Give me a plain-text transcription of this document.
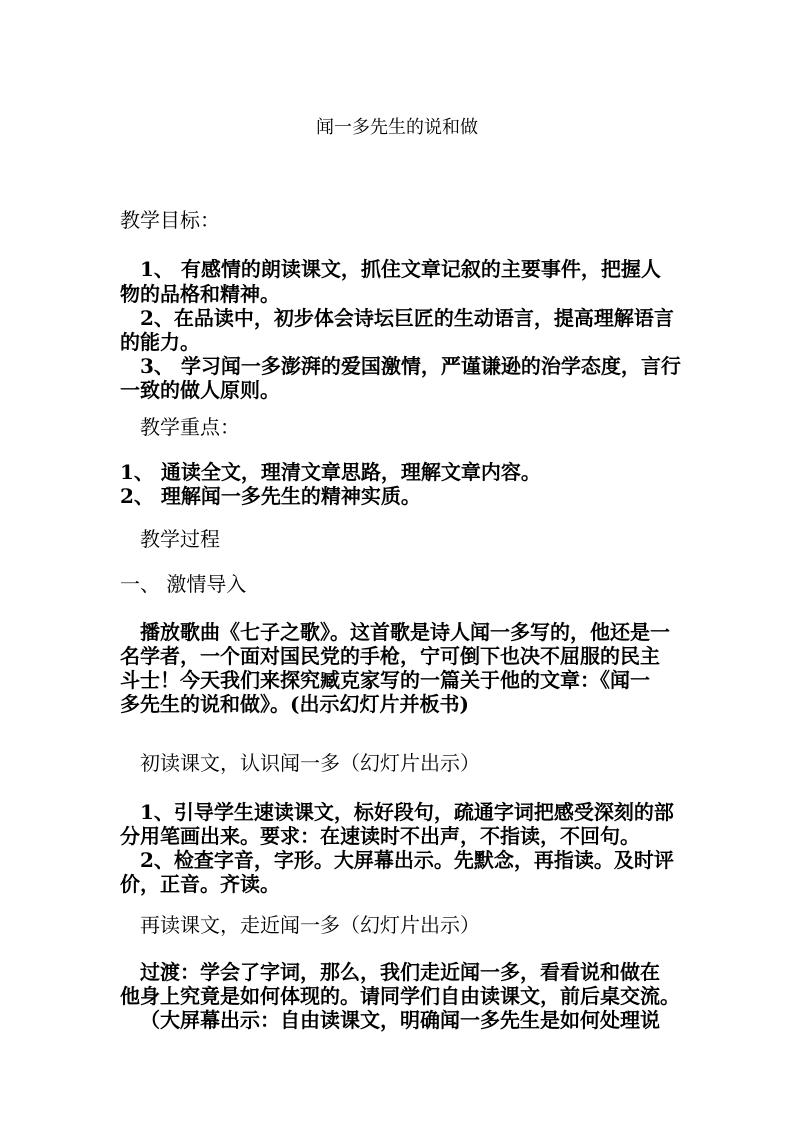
闻一多先生的说和做
教学目标：
1、 有感情的朗读课文，抓住文章记叙的主要事件，把握人
物的品格和精神。
2、在品读中，初步体会诗坛巨匠的生动语言，提高理解语言
的能力。
3、 学习闻一多澎湃的爱国激情，严谨谦逊的治学态度，言行
一致的做人原则。
教学重点：
1、 通读全文，理清文章思路，理解文章内容。
2、 理解闻一多先生的精神实质。
教学过程
一、 激情导入
播放歌曲《七子之歌》。这首歌是诗人闻一多写的，他还是一
名学者，一个面对国民党的手枪，宁可倒下也决不屈服的民主
斗士！今天我们来探究臧克家写的一篇关于他的文章：《闻一
多先生的说和做》。(出示幻灯片并板书)
初读课文，认识闻一多（幻灯片出示）
1、引导学生速读课文，标好段句，疏通字词把感受深刻的部
分用笔画出来。要求：在速读时不出声，不指读，不回句。
2、检查字音，字形。大屏幕出示。先默念，再指读。及时评
价，正音。齐读。
再读课文，走近闻一多（幻灯片出示）
过渡：学会了字词，那么，我们走近闻一多，看看说和做在
他身上究竟是如何体现的。请同学们自由读课文，前后桌交流。
（大屏幕出示：自由读课文，明确闻一多先生是如何处理说
